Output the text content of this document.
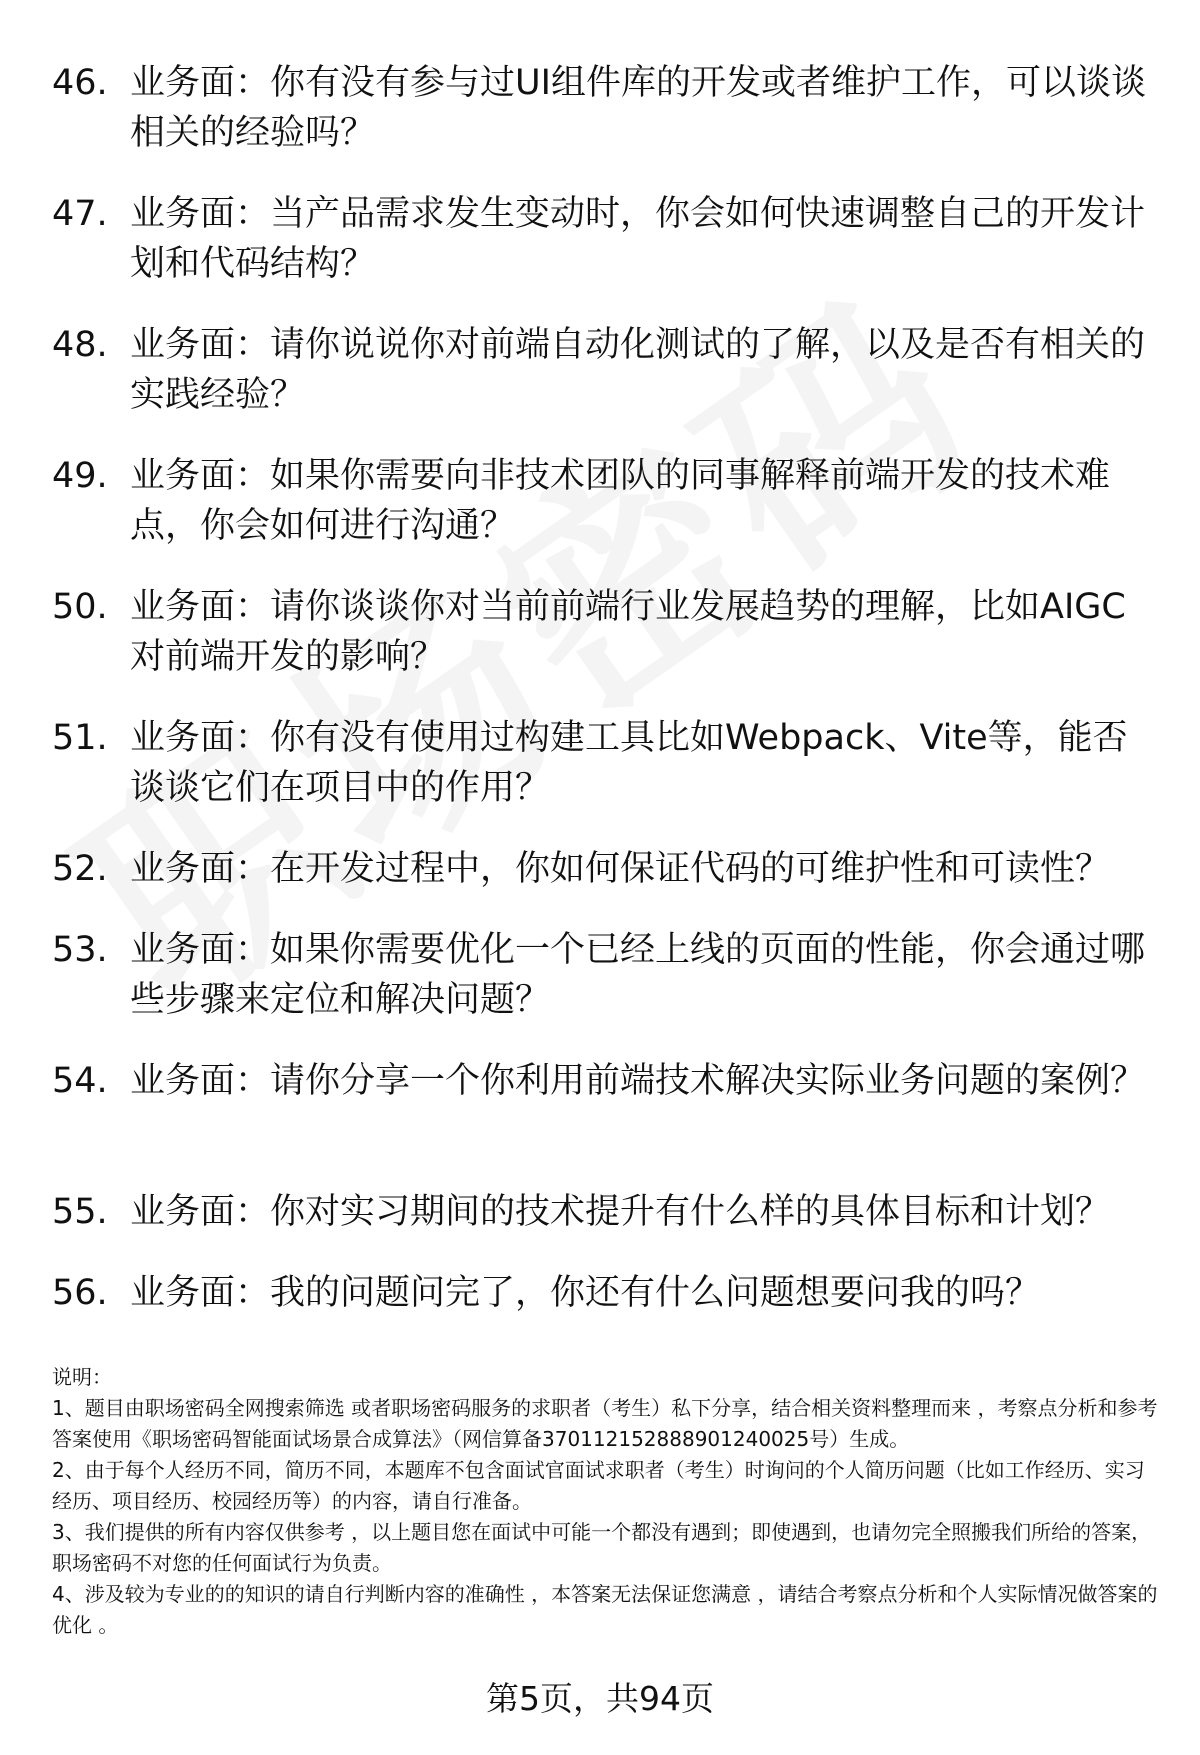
46. 业务面：你有没有参与过UI组件库的开发或者维护工作，可以谈谈相关的经验吗？
47. 业务面：当产品需求发生变动时，你会如何快速调整自己的开发计划和代码结构？
48. 业务面：请你说说你对前端自动化测试的了解，以及是否有相关的实践经验？
49. 业务面：如果你需要向非技术团队的同事解释前端开发的技术难点，你会如何进行沟通？
50. 业务面：请你谈谈你对当前前端行业发展趋势的理解，比如AIGC对前端开发的影响？
51. 业务面：你有没有使用过构建工具比如Webpack、Vite等，能否谈谈它们在项目中的作用？
52. 业务面：在开发过程中，你如何保证代码的可维护性和可读性？
53. 业务面：如果你需要优化一个已经上线的页面的性能，你会通过哪些步骤来定位和解决问题？
54. 业务面：请你分享一个你利用前端技术解决实际业务问题的案例？
55. 业务面：你对实习期间的技术提升有什么样的具体目标和计划？
56. 业务面：我的问题问完了，你还有什么问题想要问我的吗？

说明：

1、题目由职场密码全网搜索筛选 或者职场密码服务的求职者（考生）私下分享，结合相关资料整理而来 ，考察点分析和参考答案使用《职场密码智能面试场景合成算法》（网信算备370112152888901240025号）生成。

2、由于每个人经历不同，简历不同，本题库不包含面试官面试求职者（考生）时询问的个人简历问题（比如工作经历、实习经历、项目经历、校园经历等）的内容，请自行准备。

3、我们提供的所有内容仅供参考 ，以上题目您在面试中可能一个都没有遇到；即使遇到，也请勿完全照搬我们所给的答案，职场密码不对您的任何面试行为负责。

4、涉及较为专业的的知识的请自行判断内容的准确性 ，本答案无法保证您满意 ，请结合考察点分析和个人实际情况做答案的优化 。

第5页，共94页
